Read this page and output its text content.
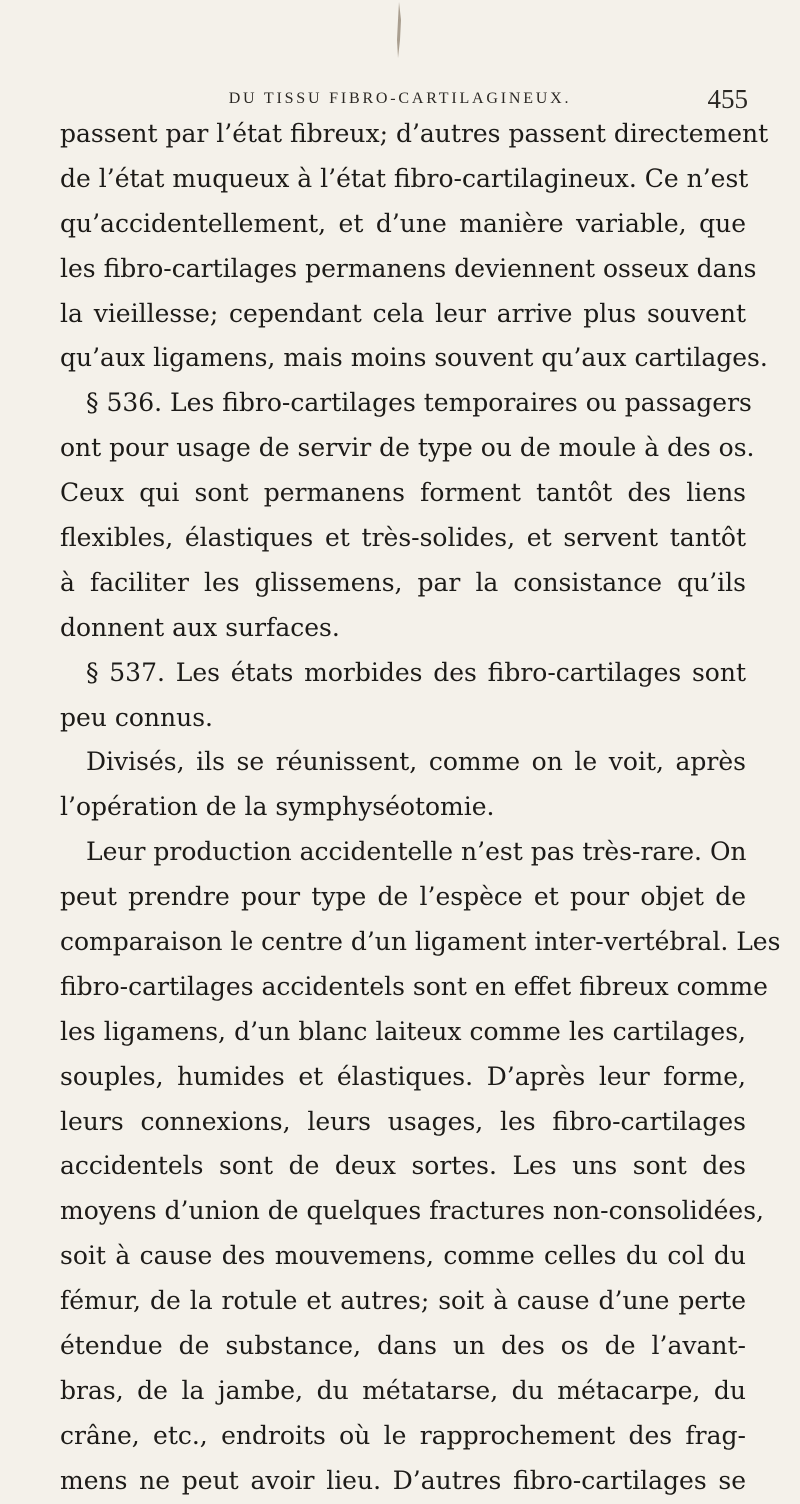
DU TISSU FIBRO-CARTILAGINEUX.	455
passent par l’état fibreux; d’autres passent directement
de l’état muqueux à l’état fibro-cartilagineux. Ce n’est
qu’accidentellement, et d’une manière variable, que
les fibro-cartilages permanens deviennent osseux dans
la vieillesse; cependant cela leur arrive plus souvent
qu’aux ligamens, mais moins souvent qu’aux cartilages.
§ 536. Les fibro-cartilages temporaires ou passagers
ont pour usage de servir de type ou de moule à des os.
Ceux qui sont permanens forment tantôt des liens
flexibles, élastiques et très-solides, et servent tantôt
à faciliter les glissemens, par la consistance qu’ils
donnent aux surfaces.
§ 537. Les états morbides des fibro-cartilages sont
peu connus.
Divisés, ils se réunissent, comme on le voit, après
l’opération de la symphyséotomie.
Leur production accidentelle n’est pas très-rare. On
peut prendre pour type de l’espèce et pour objet de
comparaison le centre d’un ligament inter-vertébral. Les
fibro-cartilages accidentels sont en effet fibreux comme
les ligamens, d’un blanc laiteux comme les cartilages,
souples, humides et élastiques. D’après leur forme,
leurs connexions, leurs usages, les fibro-cartilages
accidentels sont de deux sortes. Les uns sont des
moyens d’union de quelques fractures non-consolidées,
soit à cause des mouvemens, comme celles du col du
fémur, de la rotule et autres; soit à cause d’une perte
étendue de substance, dans un des os de l’avant-
bras, de la jambe, du métatarse, du métacarpe, du
crâne, etc., endroits où le rapprochement des frag-
mens ne peut avoir lieu. D’autres fibro-cartilages se
